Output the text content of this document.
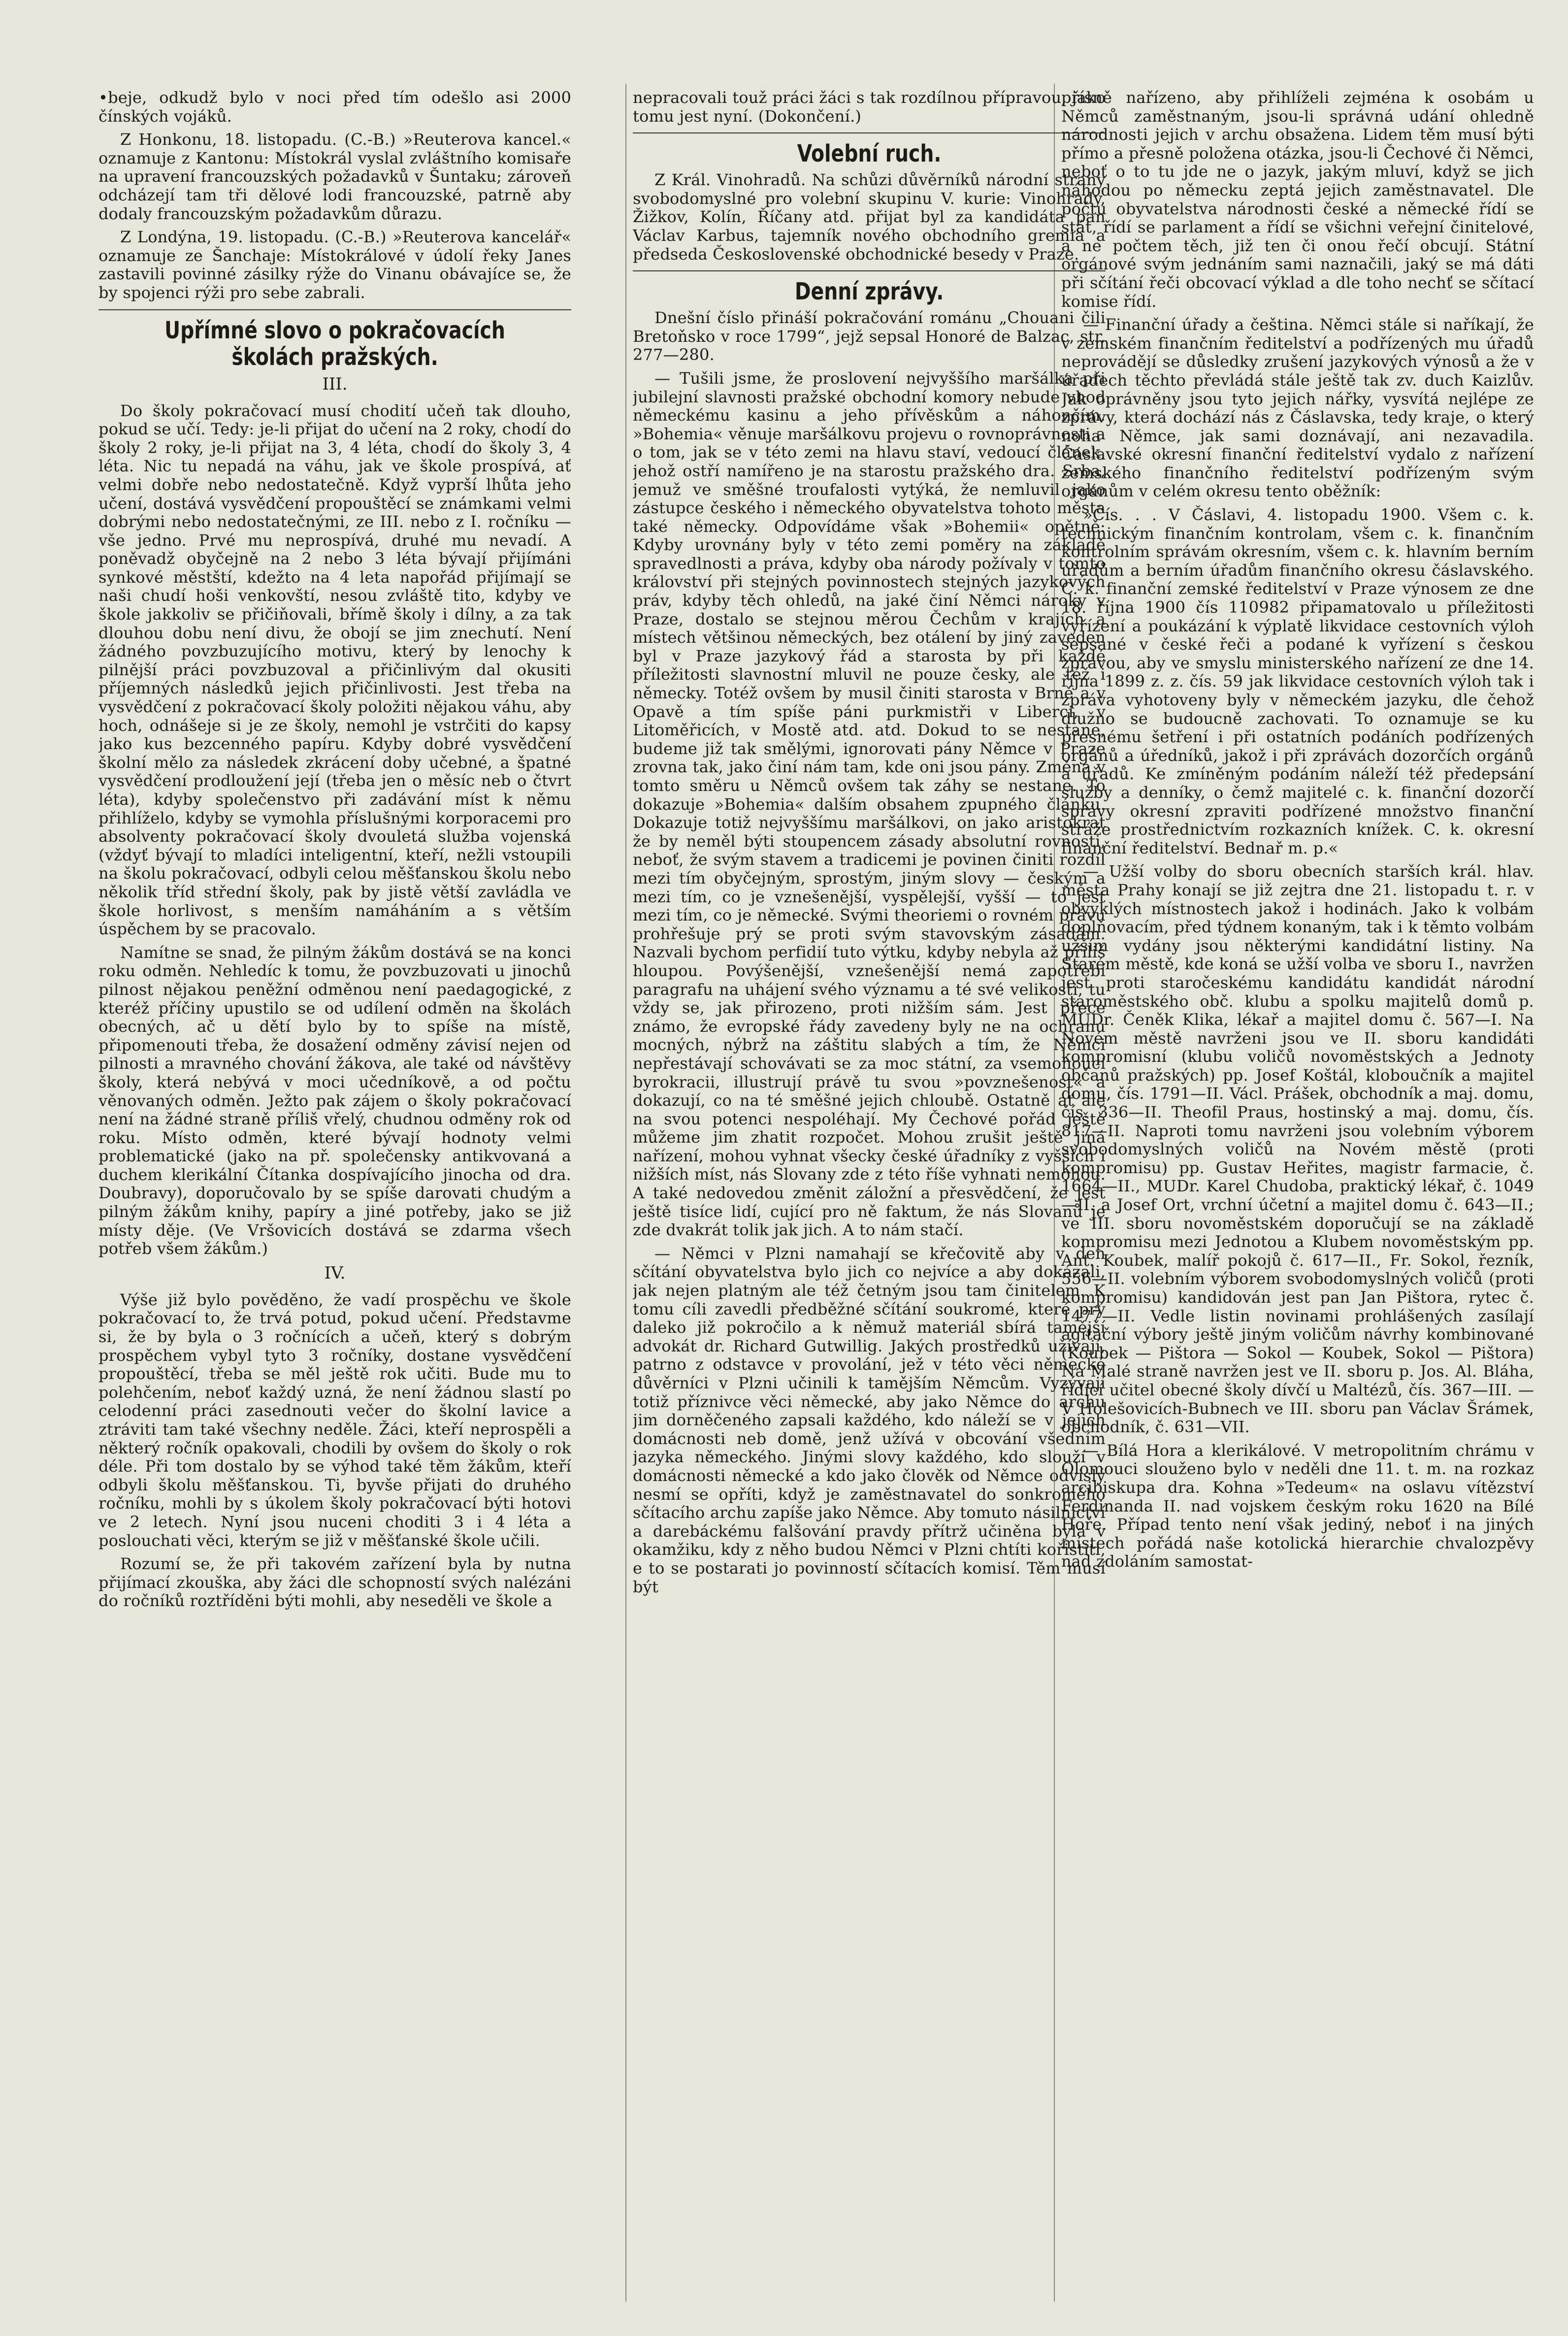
•beje, odkudž bylo v noci před tím odešlo asi 2000 čínských vojáků.

Z Honkonu, 18. listopadu. (C.-B.) »Reuterova kancel.« oznamuje z Kantonu: Místokrál vyslal zvláštního komisaře na upravení francouzských požadavků v Šuntaku; zároveň odcházejí tam tři dělové lodi francouzské, patrně aby dodaly francouzským požadavkům důrazu.

Z Londýna, 19. listopadu. (C.-B.) »Reuterova kancelář« oznamuje ze Šanchaje: Místokrálové v údolí řeky Janes zastavili povinné zásilky rýže do Vinanu obávajíce se, že by spojenci rýži pro sebe zabrali.

Upřímné slovo o pokračovacích školách pražských.
III.

Do školy pokračovací musí chodití učeň tak dlouho, pokud se učí. Tedy: je-li přijat do učení na 2 roky, chodí do školy 2 roky, je-li přijat na 3, 4 léta, chodí do školy 3, 4 léta. Nic tu nepadá na váhu, jak ve škole prospívá, ať velmi dobře nebo nedostatečně. Když vyprší lhůta jeho učení, dostává vysvědčení propouštěcí se známkami velmi dobrými nebo nedostatečnými, ze III. nebo z I. ročníku — vše jedno. Prvé mu neprospívá, druhé mu nevadí. A poněvadž obyčejně na 2 nebo 3 léta bývají přijímáni synkové městští, kdežto na 4 leta napořád přijímají se naši chudí hoši venkovští, nesou zvláště tito, kdyby ve škole jakkoliv se přičiňovali, břímě školy i dílny, a za tak dlouhou dobu není divu, že obojí se jim znechutí. Není žádného povzbuzujícího motivu, který by lenochy k pilnější práci povzbuzoval a přičinlivým dal okusiti příjemných následků jejich přičinlivosti. Jest třeba na vysvědčení z pokračovací školy položiti nějakou váhu, aby hoch, odnášeje si je ze školy, nemohl je vstrčiti do kapsy jako kus bezcenného papíru. Kdyby dobré vysvědčení školní mělo za následek zkrácení doby učebné, a špatné vysvědčení prodloužení její (třeba jen o měsíc neb o čtvrt léta), kdyby společenstvo při zadávání míst k němu přihlíželo, kdyby se vymohla příslušnými korporacemi pro absolventy pokračovací školy dvouletá služba vojenská (vždyť bývají to mladíci inteligentní, kteří, nežli vstoupili na školu pokračovací, odbyli celou měšťanskou školu nebo několik tříd střední školy, pak by jistě větší zavládla ve škole horlivost, s menším namáháním a s větším úspěchem by se pracovalo.

Namítne se snad, že pilným žákům dostává se na konci roku odměn. Nehledíc k tomu, že povzbuzovati u jinochů pilnost nějakou peněžní odměnou není paedagogické, z kteréž příčiny upustilo se od udílení odměn na školách obecných, ač u dětí bylo by to spíše na místě, připomenouti třeba, že dosažení odměny závisí nejen od pilnosti a mravného chování žákova, ale také od návštěvy školy, která nebývá v moci učedníkově, a od počtu věnovaných odměn. Ježto pak zájem o školy pokračovací není na žádné straně příliš vřelý, chudnou odměny rok od roku. Místo odměn, které bývají hodnoty velmi problematické (jako na př. společensky antikvovaná a duchem klerikální Čítanka dospívajícího jinocha od dra. Doubravy), doporučovalo by se spíše darovati chudým a pilným žákům knihy, papíry a jiné potřeby, jako se již místy děje. (Ve Vršovicích dostává se zdarma všech potřeb všem žákům.)

IV.

Výše již bylo pověděno, že vadí prospěchu ve škole pokračovací to, že trvá potud, pokud učení. Představme si, že by byla o 3 ročnících a učeň, který s dobrým prospěchem vybyl tyto 3 ročníky, dostane vysvědčení propouštěcí, třeba se měl ještě rok učiti. Bude mu to polehčením, neboť každý uzná, že není žádnou slastí po celodenní práci zasednouti večer do školní lavice a ztráviti tam také všechny neděle. Žáci, kteří neprospěli a některý ročník opakovali, chodili by ovšem do školy o rok déle. Při tom dostalo by se výhod také těm žákům, kteří odbyli školu měšťanskou. Ti, byvše přijati do druhého ročníku, mohli by s úkolem školy pokračovací býti hotovi ve 2 letech. Nyní jsou nuceni choditi 3 i 4 léta a poslouchati věci, kterým se již v měšťanské škole učili.

Rozumí se, že při takovém zařízení byla by nutna přijímací zkouška, aby žáci dle schopností svých nalézáni do ročníků roztříděni býti mohli, aby neseděli ve škole a

nepracovali touž práci žáci s tak rozdílnou přípravou, jako tomu jest nyní. (Dokončení.)

Volební ruch.

Z Král. Vinohradů. Na schůzi důvěrníků národní strany svobodomyslné pro volební skupinu V. kurie: Vinohrady, Žižkov, Kolín, Říčany atd. přijat byl za kandidáta pan Václav Karbus, tajemník nového obchodního gremia a předseda Československé obchodnické besedy v Praze.

Denní zprávy.

Dnešní číslo přináší pokračování románu „Chouani čili Bretoňsko v roce 1799“, jejž sepsal Honoré de Balzac, str. 277—280.

— Tušili jsme, že proslovení nejvyššího maršálka při jubilejní slavnosti pražské obchodní komory nebude vhod německému kasinu a jeho přívěskům a náhončím. »Bohemia« věnuje maršálkovu projevu o rovnoprávnosti a o tom, jak se v této zemi na hlavu staví, vedoucí článek, jehož ostří namířeno je na starostu pražského dra. Srba, jemuž ve směšné troufalosti vytýká, že nemluvil jako zástupce českého i německého obyvatelstva tohoto města také německy. Odpovídáme však »Bohemii« opětně: Kdyby urovnány byly v této zemi poměry na základě spravedlnosti a práva, kdyby oba národy požívaly v tomto království při stejných povinnostech stejných jazykových práv, kdyby těch ohledů, na jaké činí Němci nároky v Praze, dostalo se stejnou měrou Čechům v krajích a místech většinou německých, bez otálení by jiný zaveden byl v Praze jazykový řád a starosta by při každé příležitosti slavnostní mluvil ne pouze česky, ale též i německy. Totéž ovšem by musil činiti starosta v Brně a v Opavě a tím spíše páni purkmistři v Liberci, v Litoměřicích, v Mostě atd. atd. Dokud to se nestane, budeme již tak smělými, ignorovati pány Němce v Praze zrovna tak, jako činí nám tam, kde oni jsou pány. Změna v tomto směru u Němců ovšem tak záhy se nestane. To dokazuje »Bohemia« dalším obsahem zpupného článku. Dokazuje totiž nejvyššímu maršálkovi, on jako aristokrat že by neměl býti stoupencem zásady absolutní rovnosti, neboť, že svým stavem a tradicemi je povinen činiti rozdíl mezi tím obyčejným, sprostým, jiným slovy — českým a mezi tím, co je vznešenější, vyspělejší, vyšší — to jest mezi tím, co je německé. Svými theoriemi o rovném právu prohřešuje prý se proti svým stavovským zásadám. Nazvali bychom perfidií tuto výtku, kdyby nebyla až příliš hloupou. Povýšenější, vznešenější nemá zapotřebí paragrafu na uhájení svého významu a té své velikosti, tu vždy se, jak přirozeno, proti nižším sám. Jest přece známo, že evropské řády zavedeny byly ne na ochranu mocných, nýbrž na záštitu slabých a tím, že Němci nepřestávají schovávati se za moc státní, za vsemohoucí byrokracii, illustrují právě tu svou »povznešenost« a dokazují, co na té směšné jejich chloubě. Ostatně ať ale na svou potenci nespoléhají. My Čechové pořád ještě můžeme jim zhatit rozpočet. Mohou zrušit ještě jiná nařízení, mohou vyhnat všecky české úřadníky z vyšších i nižších míst, nás Slovany zde z této říše vyhnati nemohou. A také nedovedou změnit záložní a přesvědčení, že jest ještě tisíce lidí, cující pro ně faktum, že nás Slovanů je zde dvakrát tolik jak jich. A to nám stačí.

— Němci v Plzni namahají se křečovitě aby v den sčítání obyvatelstva bylo jich co nejvíce a aby dokázali, jak nejen platným ale též četným jsou tam činitelem. K tomu cíli zavedli předběžné sčítání soukromé, které prý daleko již pokročilo a k němuž materiál sbírá tamější advokát dr. Richard Gutwillig. Jakých prostředků užívají, patrno z odstavce v provolání, jež v této věci německé důvěrníci v Plzni učinili k tamějším Němcům. Vyzývají totiž příznivce věci německé, aby jako Němce do archu jim dorněčeného zapsali každého, kdo náleží se v jejich domácnosti neb domě, jenž užívá v obcování všedním jazyka německého. Jinými slovy každého, kdo slouží v domácnosti německé a kdo jako člověk od Němce odvislý nesmí se opříti, když je zaměstnavatel do sonkromého sčítacího archu zapíše jako Němce. Aby tomuto násilnictví a darebáckému falšování pravdy přítrž učiněna byla v okamžiku, kdy z něho budou Němci v Plzni chtíti kořistiti, e to se postarati jo povinností sčítacích komisí. Těm musí být

přísně nařízeno, aby přihlíželi zejména k osobám u Němců zaměstnaným, jsou-li správná udání ohledně národnosti jejich v archu obsažena. Lidem těm musí býti přímo a přesně položena otázka, jsou-li Čechové či Němci, neboť o to tu jde ne o jazyk, jakým mluví, když se jich náhodou po německu zeptá jejich zaměstnavatel. Dle počtu obyvatelstva národnosti české a německé řídí se stát, řídí se parlament a řídí se všichni veřejní činitelové, a ne počtem těch, již ten či onou řečí obcují. Státní orgánové svým jednáním sami naznačili, jaký se má dáti při sčítání řeči obcovací výklad a dle toho nechť se sčítací komise řídí.

— Finanční úřady a čeština. Němci stále si naříkají, že v zemském finančním ředitelství a podřízených mu úřadů neprovádějí se důsledky zrušení jazykových výnosů a že v úřadech těchto převládá stále ještě tak zv. duch Kaizlův. Jak oprávněny jsou tyto jejich nářky, vysvítá nejlépe ze zprávy, která dochází nás z Čáslavska, tedy kraje, o který noha Němce, jak sami doznávají, ani nezavadila. Čáslavské okresní finanční ředitelství vydalo z nařízení zemského finančního ředitelství podřízeným svým orgánům v celém okresu tento oběžník:

»Čís. . . V Čáslavi, 4. listopadu 1900. Všem c. k. technickým finančním kontrolam, všem c. k. finančním kontrolním správám okresním, všem c. k. hlavním berním úřadům a berním úřadům finančního okresu čáslavského. C. k. finanční zemské ředitelství v Praze výnosem ze dne 18. října 1900 čís 110982 připamatovalo u příležitosti vyřízení a poukázání k výplatě likvidace cestovních výloh sepsané v české řeči a podané k vyřízení s českou zprávou, aby ve smyslu ministerského nařízení ze dne 14. října 1899 z. z. čís. 59 jak likvidace cestovních výloh tak i zpráva vyhotoveny byly v německém jazyku, dle čehož dlužno se budoucně zachovati. To oznamuje se ku přesnému šetření i při ostatních podáních podřízených orgánů a úředníků, jakož i při zprávách dozorčích orgánů a úřadů. Ke zmíněným podáním náleží též předepsání služby a denníky, o čemž majitelé c. k. finanční dozorčí správy okresní zpraviti podřízené množstvo finanční stráže prostřednictvím rozkazních knížek. C. k. okresní finanční ředitelství. Bednař m. p.«

— Užší volby do sboru obecních starších král. hlav. města Prahy konají se již zejtra dne 21. listopadu t. r. v obvyklých místnostech jakož i hodinách. Jako k volbám doplňovacím, před týdnem konaným, tak i k těmto volbám užším vydány jsou některými kandidátní listiny. Na Starém městě, kde koná se užší volba ve sboru I., navržen jest proti staročeskému kandidátu kandidát národní staroměstského obč. klubu a spolku majitelů domů p. MUDr. Čeněk Klika, lékař a majitel domu č. 567—I. Na Novém městě navrženi jsou ve II. sboru kandidáti kompromisní (klubu voličů novoměstských a Jednoty občanů pražských) pp. Josef Koštál, kloboučník a majitel domu, čís. 1791—II. Václ. Prášek, obchodník a maj. domu, čís. 336—II. Theofil Praus, hostinský a maj. domu, čís. 817—II. Naproti tomu navrženi jsou volebním výborem svobodomyslných voličů na Novém městě (proti kompromisu) pp. Gustav Heřites, magistr farmacie, č. 1664—II., MUDr. Karel Chudoba, praktický lékař, č. 1049—II. a Josef Ort, vrchní účetní a majitel domu č. 643—II.; ve III. sboru novoměstském doporučují se na základě kompromisu mezi Jednotou a Klubem novoměstským pp. Ant. Koubek, malíř pokojů č. 617—II., Fr. Sokol, řezník, 556—II. volebním výborem svobodomyslných voličů (proti kompromisu) kandidován jest pan Jan Pištora, rytec č. 1477—II. Vedle listin novinami prohlášených zasílají agitační výbory ještě jiným voličům návrhy kombinované (Koubek — Pištora — Sokol — Koubek, Sokol — Pištora) Na Malé straně navržen jest ve II. sboru p. Jos. Al. Bláha, řídící učitel obecné školy dívčí u Maltézů, čís. 367—III. — V Holešovicích-Bubnech ve III. sboru pan Václav Šrámek, obchodník, č. 631—VII.

— Bílá Hora a klerikálové. V metropolitním chrámu v Olomouci slouženo bylo v neděli dne 11. t. m. na rozkaz arcibiskupa dra. Kohna »Tedeum« na oslavu vítězství Ferdinanda II. nad vojskem českým roku 1620 na Bílé Hoře. Případ tento není však jediný, neboť i na jiných místech pořádá naše kotolická hierarchie chvalozpěvy nad zdoláním samostat-
